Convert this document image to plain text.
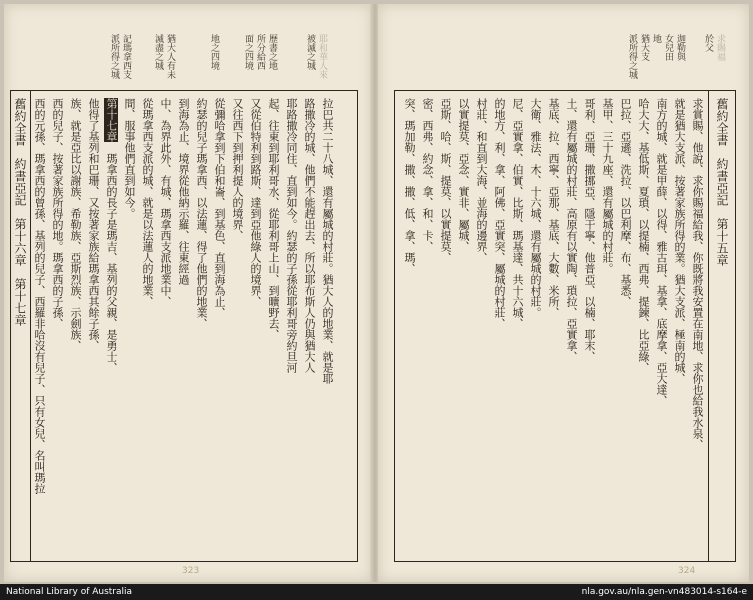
耶和華人來
被滅之城
歷書之地
所分給西
面之四境
地之四境
猶大人有未
滅盡之城
記瑪拿西支
派所得之城
拉巴共二十八城、還有屬城的村莊。猶大人的地業、就是耶
路撒冷的城、他們不能趕出去、所以耶布斯人仍與猶大人
耶路撒冷同住、直到如今。約瑟的子孫從耶利哥旁約旦河
起、往東到耶利哥水、從耶利哥上山、到曠野去、
又從伯特利到路斯、達到亞他綠人的境界、
又往西下到押利提人的境界、
從彌哈拿到下伯和崙、到基色、直到海為止、
約瑟的兒子瑪拿西、以法蓮、得了他們的地業、
到海為止、境界從他納示羅、往東經過
中、為界此外、有城、瑪拿西支派地業中、
從瑪拿西支派的城、就是以法蓮人的地業、
間、服事他們直到如今。
第十七章　瑪拿西的長子是瑪吉、基列的父親、是勇士、
他得了基列和巴珊、又按著家族給瑪拿西其餘子孫、
族、就是亞比以謝族、希勒族、亞斯烈族、示劍族、
西的兒子、按著家族所得的地。瑪拿西的子孫、
西的元孫、瑪拿西的曾孫、基列的兒子、西羅非哈沒有兒子、只有女兒、名叫瑪拉
舊約全書　約書亞記　第十六章　第十七章
323
求賜福
於父
迦勒與
女兒田
地
猶大支
派所得之城
舊約全書　約書亞記　第十五章
求賞賜、他說、求你賜福給我、你既將我安置在南地、求你也給我水泉、
就是猶大支派、按著家族所得的業。猶大支派、極南的城、
南方的城、就是甲薛、以得、雅古珥、基拿、底摩拿、亞大達、
哈大大、基低斯、夏瑣、以提楠、西弗、提鍊、比亞綠、
巴拉、亞遜、洗拉、以巴利摩、布、基悉、
基甲、三十九座、還有屬城的村莊。
哥利、亞珊、撒挪亞、隱干寧、他普亞、以楠、耶末、
土、還有屬城的村莊、高原有以實陶、瑣拉、亞實拿、
基底、拉、西寧、亞那、基底、大數、米所、
大衛、雅法、木、十六城、還有屬城的村莊。
尼、亞實拿、伯實、比斯、瑪基達、共十六城、
的地方、利、拿、阿佛、亞實突、屬城的村莊、
村莊、和直到大海、並海的邊界、
以實提莫、亞念、實非、屬城、
亞斯、哈、斯、提莫、以實提莫、
密、西弗、約念、拿、和、卡、
突、瑪加勒、撒、撒、低、拿、瑪、
324
National Library of Australia	nla.gov.au/nla.gen-vn483014-s164-e
